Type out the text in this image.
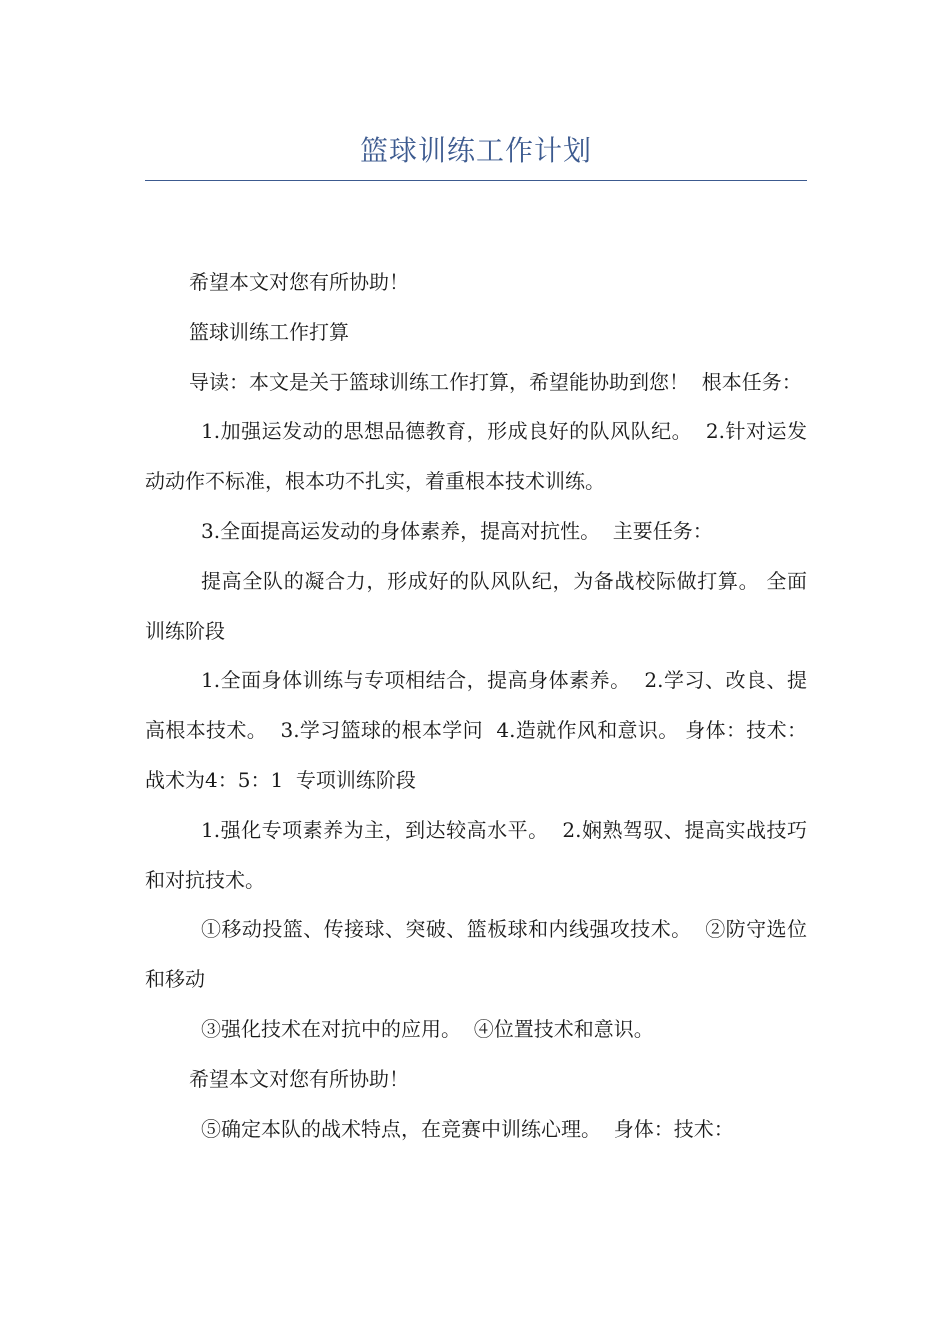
篮球训练工作计划

希望本文对您有所协助！

篮球训练工作打算

导读：本文是关于篮球训练工作打算，希望能协助到您！  根本任务：

1.加强运发动的思想品德教育，形成良好的队风队纪。  2.针对运发动动作不标准，根本功不扎实，着重根本技术训练。

3.全面提高运发动的身体素养，提高对抗性。  主要任务：

提高全队的凝合力，形成好的队风队纪，为备战校际做打算。 全面训练阶段

1.全面身体训练与专项相结合，提高身体素养。  2.学习、改良、提高根本技术。  3.学习篮球的根本学问  4.造就作风和意识。 身体：技术：战术为4：5：1  专项训练阶段

1.强化专项素养为主，到达较高水平。  2.娴熟驾驭、提高实战技巧和对抗技术。

①移动投篮、传接球、突破、篮板球和内线强攻技术。  ②防守选位和移动

③强化技术在对抗中的应用。  ④位置技术和意识。

希望本文对您有所协助！

⑤确定本队的战术特点，在竞赛中训练心理。  身体：技术：
